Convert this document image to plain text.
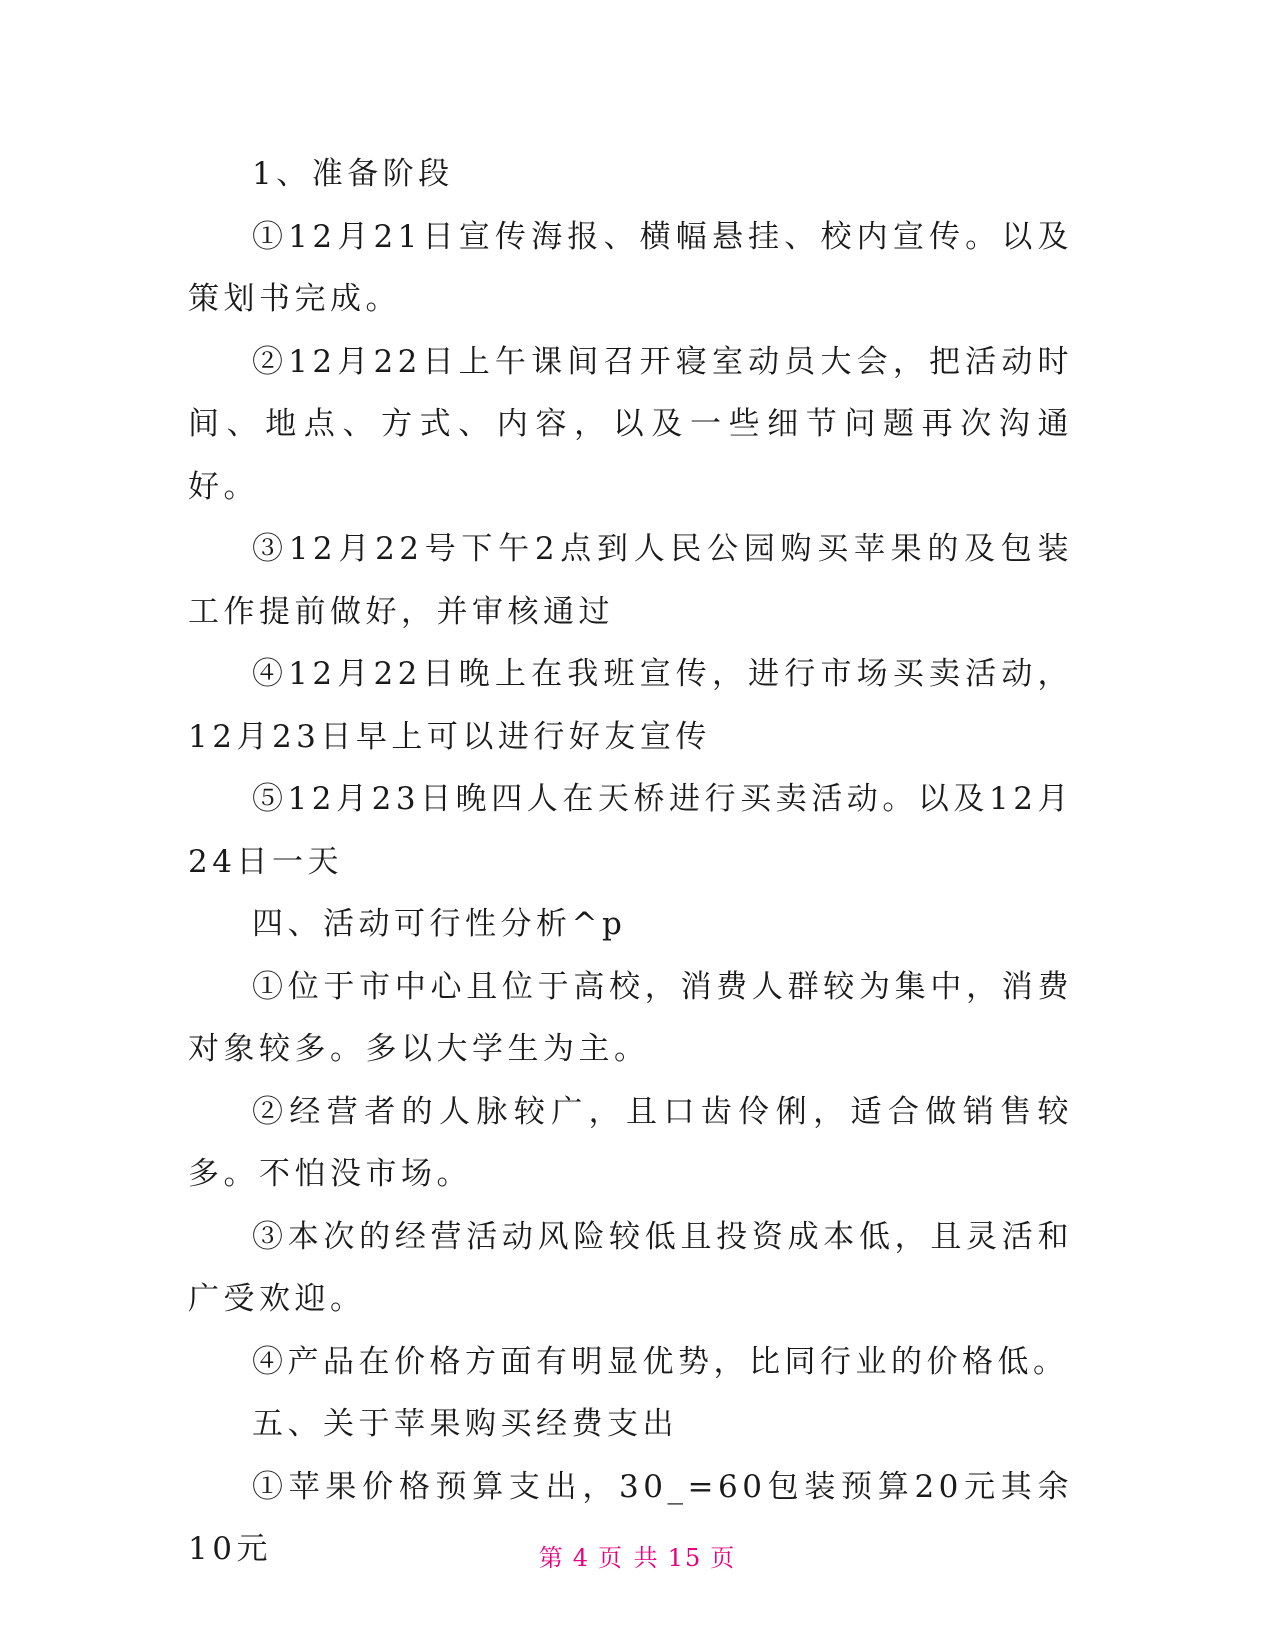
1、准备阶段

①12月21日宣传海报、横幅悬挂、校内宣传。以及策划书完成。

②12月22日上午课间召开寝室动员大会，把活动时间、地点、方式、内容，以及一些细节问题再次沟通好。

③12月22号下午2点到人民公园购买苹果的及包装工作提前做好，并审核通过

④12月22日晚上在我班宣传，进行市场买卖活动，12月23日早上可以进行好友宣传

⑤12月23日晚四人在天桥进行买卖活动。以及12月24日一天

四、活动可行性分析^p

①位于市中心且位于高校，消费人群较为集中，消费对象较多。多以大学生为主。

②经营者的人脉较广，且口齿伶俐，适合做销售较多。不怕没市场。

③本次的经营活动风险较低且投资成本低，且灵活和广受欢迎。

④产品在价格方面有明显优势，比同行业的价格低。

五、关于苹果购买经费支出

①苹果价格预算支出，30_=60包装预算20元其余10元	第 4 页 共 15 页
